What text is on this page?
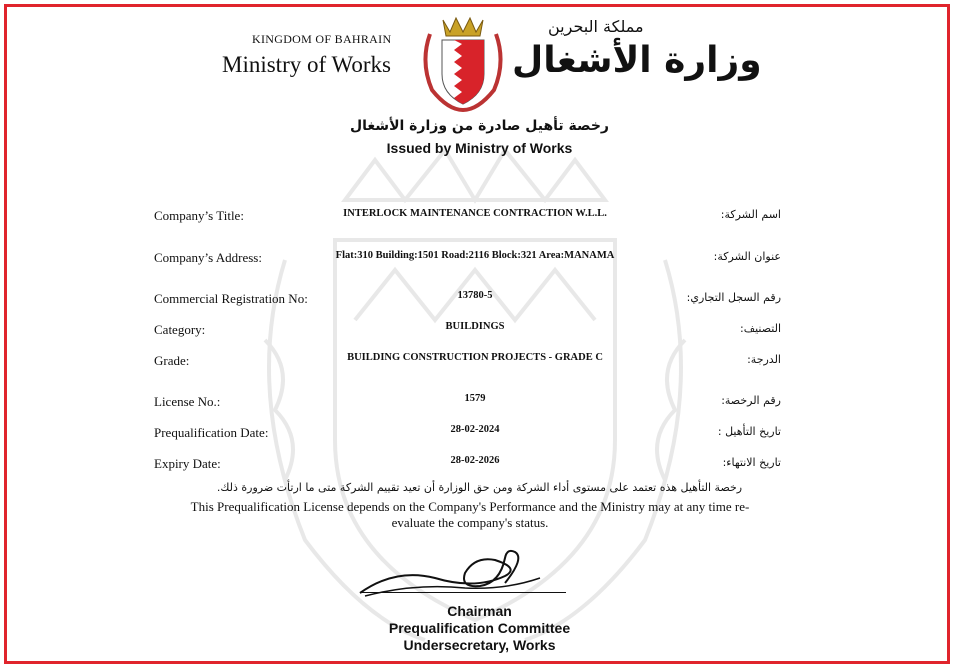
KINGDOM OF BAHRAIN
Ministry of Works
مملكة البحرين
وزارة الأشغال
رخصة تأهيل صادرة من وزارة الأشغال
Issued by Ministry of Works
Company’s Title:	INTERLOCK MAINTENANCE CONTRACTION W.L.L.	اسم الشركة:
Company’s Address:	Flat:310 Building:1501 Road:2116 Block:321 Area:MANAMA	عنوان الشركة:
Commercial Registration No:	13780-5	رقم السجل التجاري:
Category:	BUILDINGS	التصنيف:
Grade:	BUILDING CONSTRUCTION PROJECTS - GRADE C	الدرجة:
License No.:	1579	رقم الرخصة:
Prequalification Date:	28-02-2024	تاريخ التأهيل :
Expiry Date:	28-02-2026	تاريخ الانتهاء:
رخصة التأهيل هذه تعتمد على مستوى أداء الشركة ومن حق الوزارة أن تعيد تقييم الشركة متى ما ارتأت ضرورة ذلك.
This Prequalification License depends on the Company's Performance and the Ministry may at any time re-evaluate the company's status.
Chairman
Prequalification Committee
Undersecretary, Works
